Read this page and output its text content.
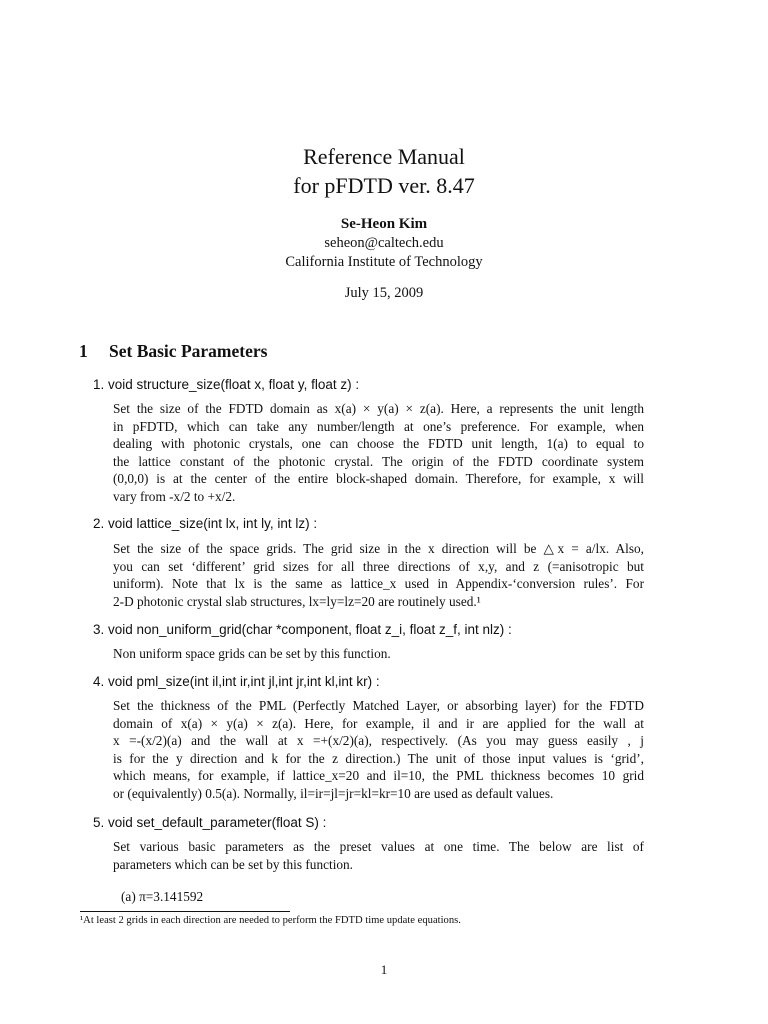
Reference Manual
for pFDTD ver. 8.47
Se-Heon Kim
seheon@caltech.edu
California Institute of Technology
July 15, 2009
1 Set Basic Parameters
1. void structure_size(float x, float y, float z) :
Set the size of the FDTD domain as x(a) × y(a) × z(a). Here, a represents the unit length
in pFDTD, which can take any number/length at one’s preference. For example, when
dealing with photonic crystals, one can choose the FDTD unit length, 1(a) to equal to
the lattice constant of the photonic crystal. The origin of the FDTD coordinate system
(0,0,0) is at the center of the entire block-shaped domain. Therefore, for example, x will
vary from -x/2 to +x/2.
2. void lattice_size(int lx, int ly, int lz) :
Set the size of the space grids. The grid size in the x direction will be △x = a/lx. Also,
you can set ‘different’ grid sizes for all three directions of x,y, and z (=anisotropic but
uniform). Note that lx is the same as lattice_x used in Appendix-‘conversion rules’. For
2-D photonic crystal slab structures, lx=ly=lz=20 are routinely used.¹
3. void non_uniform_grid(char *component, float z_i, float z_f, int nlz) :
Non uniform space grids can be set by this function.
4. void pml_size(int il,int ir,int jl,int jr,int kl,int kr) :
Set the thickness of the PML (Perfectly Matched Layer, or absorbing layer) for the FDTD
domain of x(a) × y(a) × z(a). Here, for example, il and ir are applied for the wall at
x =-(x/2)(a) and the wall at x =+(x/2)(a), respectively. (As you may guess easily , j
is for the y direction and k for the z direction.) The unit of those input values is ‘grid’,
which means, for example, if lattice_x=20 and il=10, the PML thickness becomes 10 grid
or (equivalently) 0.5(a). Normally, il=ir=jl=jr=kl=kr=10 are used as default values.
5. void set_default_parameter(float S) :
Set various basic parameters as the preset values at one time. The below are list of
parameters which can be set by this function.
(a) π=3.141592
¹At least 2 grids in each direction are needed to perform the FDTD time update equations.
1
